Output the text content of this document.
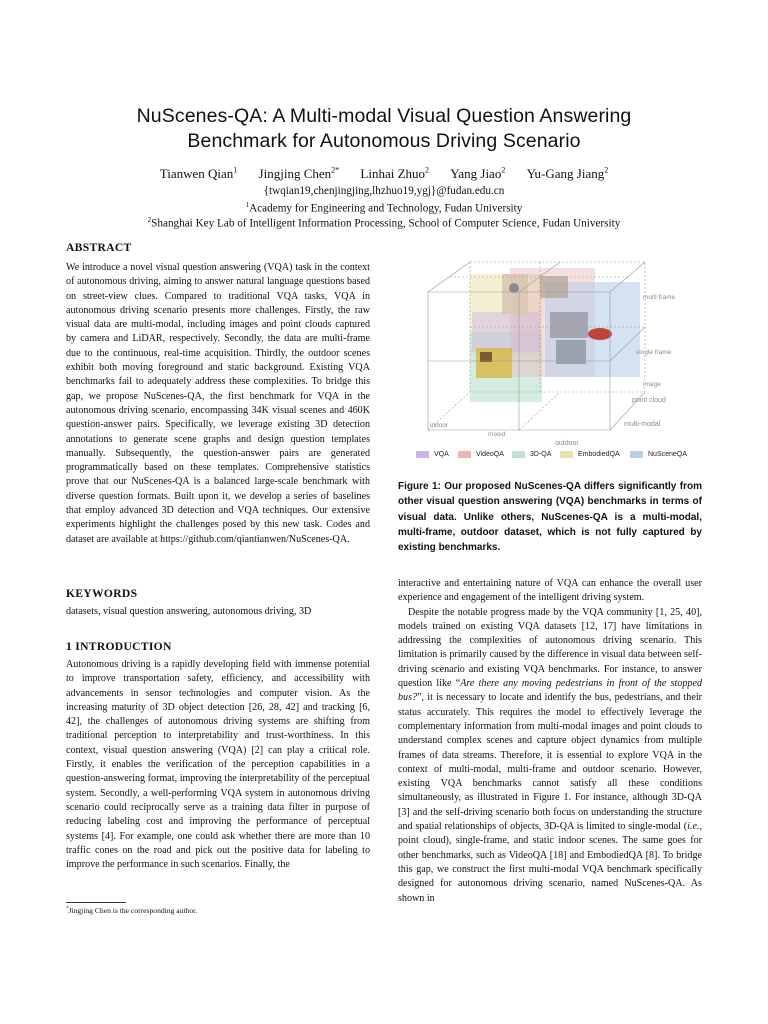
NuScenes-QA: A Multi-modal Visual Question Answering
Benchmark for Autonomous Driving Scenario
Tianwen Qian$^1$ Jingjing Chen$^{2*}$ Linhai Zhuo$^2$ Yang Jiao$^2$ Yu-Gang Jiang$^2$
{twqian19,chenjingjing,lhzhuo19,ygj}@fudan.edu.cn
$^1$Academy for Engineering and Technology, Fudan University
$^2$Shanghai Key Lab of Intelligent Information Processing, School of Computer Science, Fudan University
ABSTRACT

We introduce a novel visual question answering (VQA) task in the context of autonomous driving, aiming to answer natural language questions based on street-view clues. Compared to traditional VQA tasks, VQA in autonomous driving scenario presents more challenges. Firstly, the raw visual data are multi-modal, including images and point clouds captured by camera and LiDAR, respectively. Secondly, the data are multi-frame due to the continuous, real-time acquisition. Thirdly, the outdoor scenes exhibit both moving foreground and static background. Existing VQA benchmarks fail to adequately address these complexities. To bridge this gap, we propose NuScenes-QA, the first benchmark for VQA in the autonomous driving scenario, encompassing 34K visual scenes and 460K question-answer pairs. Specifically, we leverage existing 3D detection annotations to generate scene graphs and design question templates manually. Subsequently, the question-answer pairs are generated programmatically based on these templates. Comprehensive statistics prove that our NuScenes-QA is a balanced large-scale benchmark with diverse question formats. Built upon it, we develop a series of baselines that employ advanced 3D detection and VQA techniques. Our extensive experiments highlight the challenges posed by this new task. Codes and dataset are available at https://github.com/qiantianwen/NuScenes-QA.

KEYWORDS

datasets, visual question answering, autonomous driving, 3D

1 INTRODUCTION

Autonomous driving is a rapidly developing field with immense potential to improve transportation safety, efficiency, and accessibility with advancements in sensor technologies and computer vision. As the increasing maturity of 3D object detection [26, 28, 42] and tracking [6, 42], the challenges of autonomous driving systems are shifting from traditional perception to interpretability and trust-worthiness. In this context, visual question answering (VQA) [2] can play a critical role. Firstly, it enables the verification of the perception capabilities in a question-answering format, improving the interpretability of the perceptual system. Secondly, a well-performing VQA system in autonomous driving scenario could reciprocally serve as a training data filter in purpose of reducing labeling cost and improving the performance of perceptual systems [4]. For example, one could ask whether there are more than 10 traffic cones on the road and pick out the positive data for labeling to improve the performance in such scenarios. Finally, the

*Jingjing Chen is the corresponding author.
multi frame
single frame
image
point cloud
multi-modal
indoor
mixed
outdoor
VQA	VideoQA	3D-QA	EmbodiedQA	NuSceneQA
Figure 1: Our proposed NuScenes-QA differs significantly from other visual question answering (VQA) benchmarks in terms of visual data. Unlike others, NuScenes-QA is a multi-modal, multi-frame, outdoor dataset, which is not fully captured by existing benchmarks.

interactive and entertaining nature of VQA can enhance the overall user experience and engagement of the intelligent driving system.

Despite the notable progress made by the VQA community [1, 25, 40], models trained on existing VQA datasets [12, 17] have limitations in addressing the complexities of autonomous driving scenario. This limitation is primarily caused by the difference in visual data between self-driving scenario and existing VQA benchmarks. For instance, to answer question like “Are there any moving pedestrians in front of the stopped bus?”, it is necessary to locate and identify the bus, pedestrians, and their status accurately. This requires the model to effectively leverage the complementary information from multi-modal images and point clouds to understand complex scenes and capture object dynamics from multiple frames of data streams. Therefore, it is essential to explore VQA in the context of multi-modal, multi-frame and outdoor scenario. However, existing VQA benchmarks cannot satisfy all these conditions simultaneously, as illustrated in Figure 1. For instance, although 3D-QA [3] and the self-driving scenario both focus on understanding the structure and spatial relationships of objects, 3D-QA is limited to single-modal (i.e., point cloud), single-frame, and static indoor scenes. The same goes for other benchmarks, such as VideoQA [18] and EmbodiedQA [8]. To bridge this gap, we construct the first multi-modal VQA benchmark specifically designed for autonomous driving scenario, named NuScenes-QA. As shown in
